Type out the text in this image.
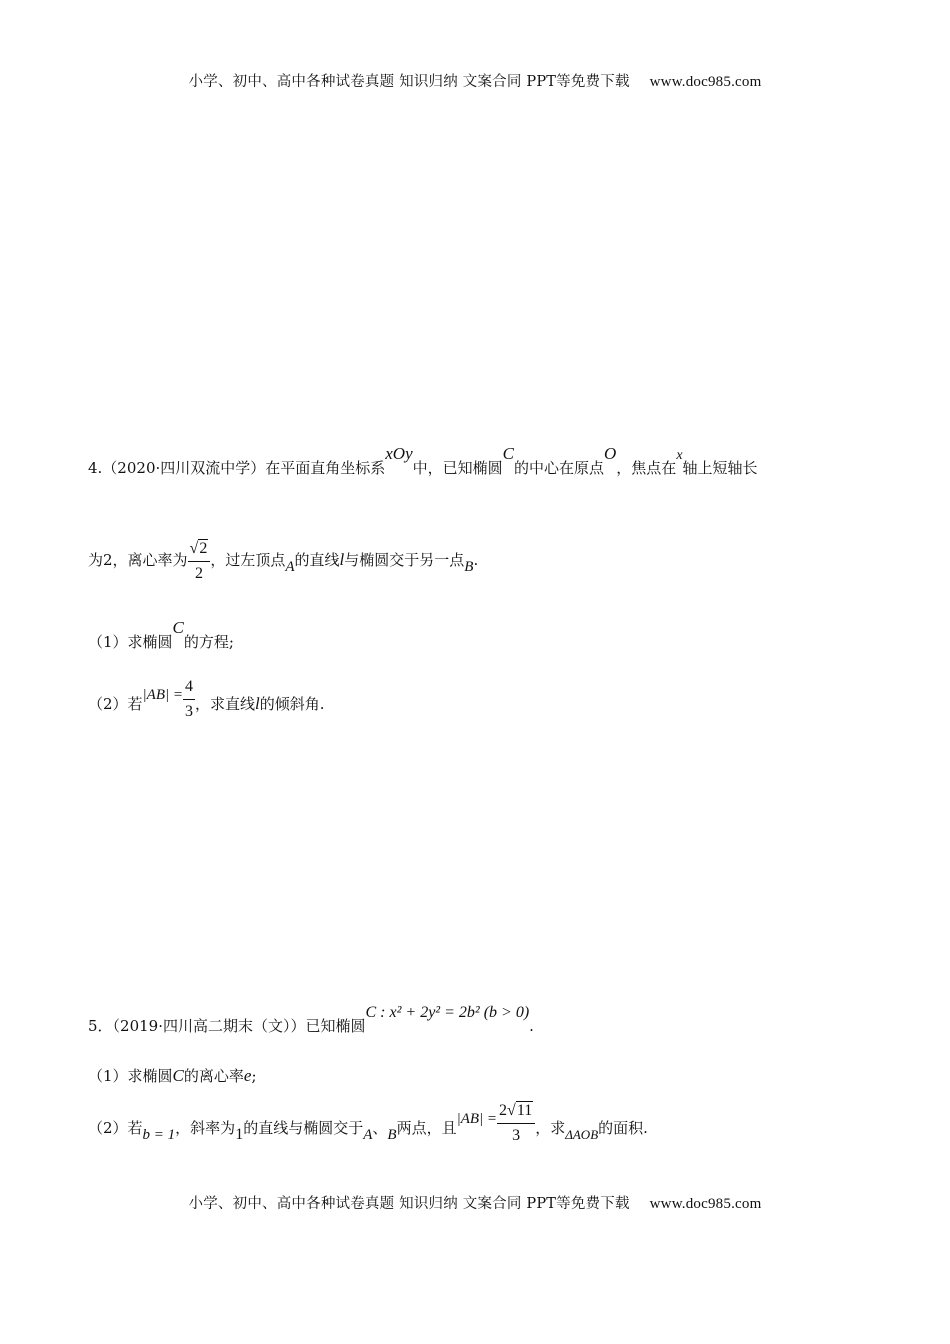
小学、初中、高中各种试卷真题 知识归纳 文案合同 PPT等免费下载 www.doc985.com
4.（2020·四川双流中学）在平面直角坐标系xOy中，已知椭圆C的中心在原点O，焦点在x轴上短轴长
为2，离心率为 $\frac{√2}{2}$ ，过左顶点A的直线l与椭圆交于另一点B.
（1）求椭圆C的方程;
（2）若$|AB| = \frac{4}{3}$ ，求直线l的倾斜角.
5．（2019·四川高二期末（文））已知椭圆C : x² + 2y² = 2b² (b > 0).
（1）求椭圆C的离心率e;
（2）若b = 1，斜率为1的直线与椭圆交于A、B两点，且$|AB| = \frac{2√11}{3}$ ，求ΔAOB的面积.
小学、初中、高中各种试卷真题 知识归纳 文案合同 PPT等免费下载 www.doc985.com
